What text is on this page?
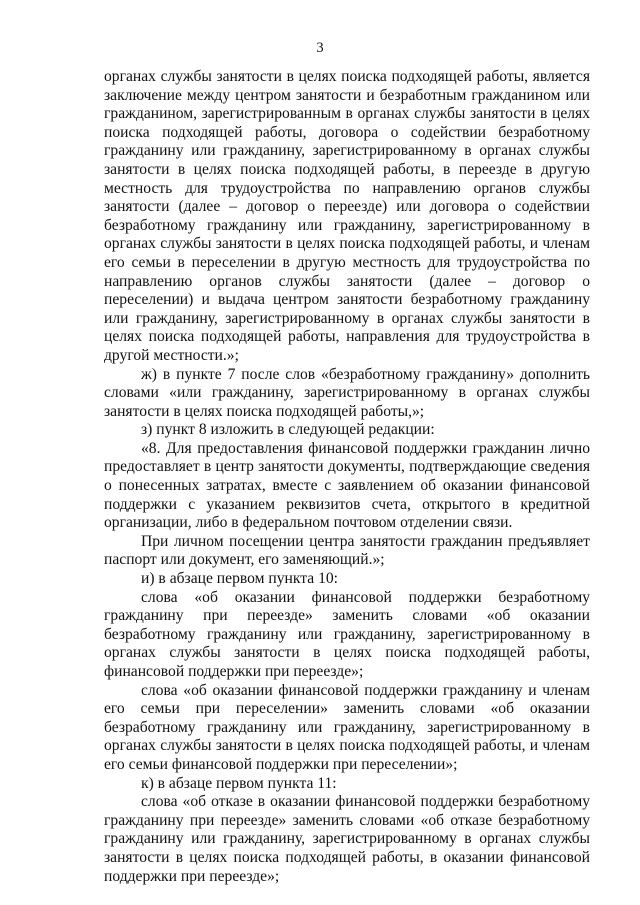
3

органах службы занятости в целях поиска подходящей работы, является заключение между центром занятости и безработным гражданином или гражданином, зарегистрированным в органах службы занятости в целях поиска подходящей работы, договора о содействии безработному гражданину или гражданину, зарегистрированному в органах службы занятости в целях поиска подходящей работы, в переезде в другую местность для трудоустройства по направлению органов службы занятости (далее – договор о переезде) или договора о содействии безработному гражданину или гражданину, зарегистрированному в органах службы занятости в целях поиска подходящей работы, и членам его семьи в переселении в другую местность для трудоустройства по направлению органов службы занятости (далее – договор о переселении) и выдача центром занятости безработному гражданину или гражданину, зарегистрированному в органах службы занятости в целях поиска подходящей работы, направления для трудоустройства в другой местности.»;

ж) в пункте 7 после слов «безработному гражданину» дополнить словами «или гражданину, зарегистрированному в органах службы занятости в целях поиска подходящей работы,»;

з) пункт 8 изложить в следующей редакции:

«8. Для предоставления финансовой поддержки гражданин лично предоставляет в центр занятости документы, подтверждающие сведения о понесенных затратах, вместе с заявлением об оказании финансовой поддержки с указанием реквизитов счета, открытого в кредитной организации, либо в федеральном почтовом отделении связи.

При личном посещении центра занятости гражданин предъявляет паспорт или документ, его заменяющий.»;

и) в абзаце первом пункта 10:

слова «об оказании финансовой поддержки безработному гражданину при переезде» заменить словами «об оказании безработному гражданину или гражданину, зарегистрированному в органах службы занятости в целях поиска подходящей работы, финансовой поддержки при переезде»;

слова «об оказании финансовой поддержки гражданину и членам его семьи при переселении» заменить словами «об оказании безработному гражданину или гражданину, зарегистрированному в органах службы занятости в целях поиска подходящей работы, и членам его семьи финансовой поддержки при переселении»;

к) в абзаце первом пункта 11:

слова «об отказе в оказании финансовой поддержки безработному гражданину при переезде» заменить словами «об отказе безработному гражданину или гражданину, зарегистрированному в органах службы занятости в целях поиска подходящей работы, в оказании финансовой поддержки при переезде»;
